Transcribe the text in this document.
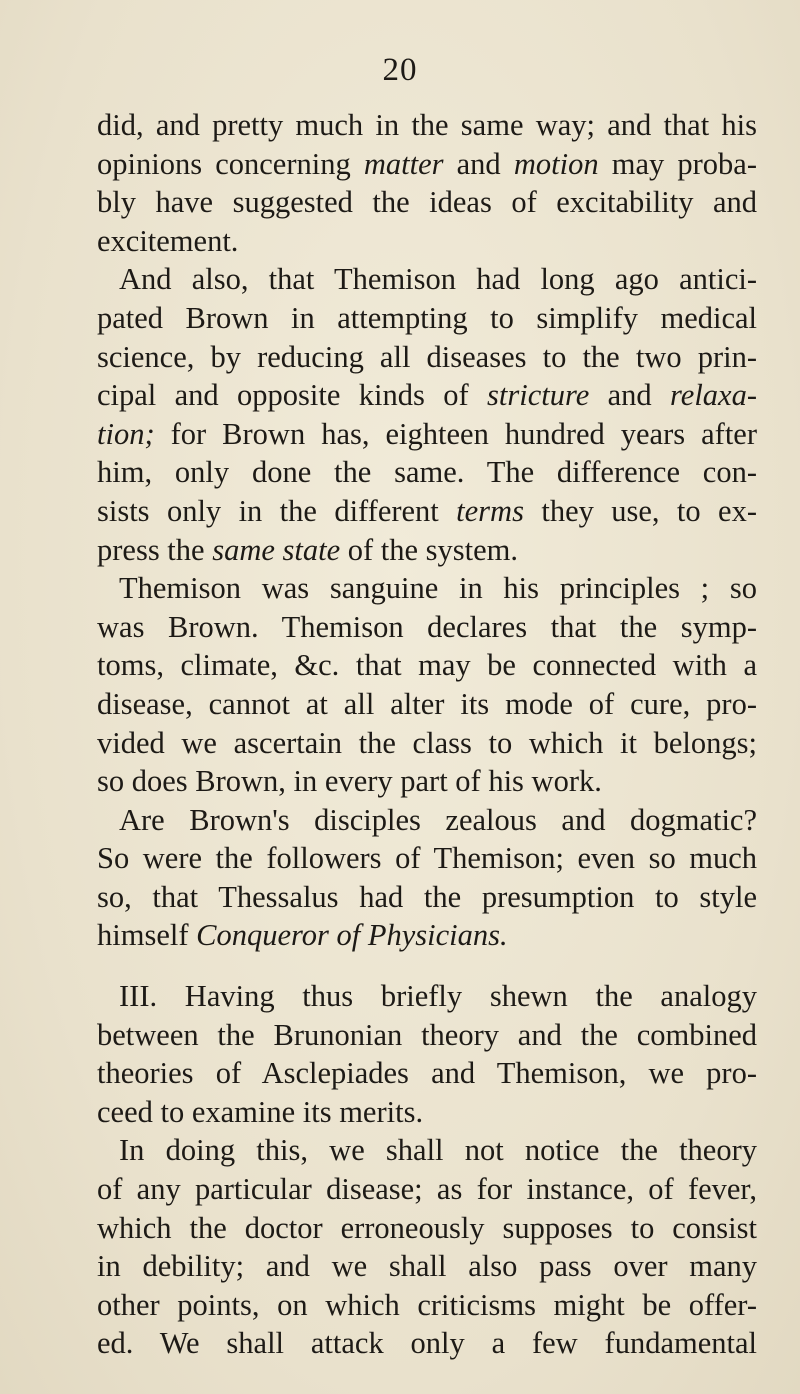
20
did, and pretty much in the same way; and that his
opinions concerning matter and motion may proba-
bly have suggested the ideas of excitability and
excitement.
And also, that Themison had long ago antici-
pated Brown in attempting to simplify medical
science, by reducing all diseases to the two prin-
cipal and opposite kinds of stricture and relaxa-
tion; for Brown has, eighteen hundred years after
him, only done the same. The difference con-
sists only in the different terms they use, to ex-
press the same state of the system.
Themison was sanguine in his principles ; so
was Brown. Themison declares that the symp-
toms, climate, &c. that may be connected with a
disease, cannot at all alter its mode of cure, pro-
vided we ascertain the class to which it belongs;
so does Brown, in every part of his work.
Are Brown's disciples zealous and dogmatic?
So were the followers of Themison; even so much
so, that Thessalus had the presumption to style
himself Conqueror of Physicians.
III. Having thus briefly shewn the analogy
between the Brunonian theory and the combined
theories of Asclepiades and Themison, we pro-
ceed to examine its merits.
In doing this, we shall not notice the theory
of any particular disease; as for instance, of fever,
which the doctor erroneously supposes to consist
in debility; and we shall also pass over many
other points, on which criticisms might be offer-
ed. We shall attack only a few fundamental
